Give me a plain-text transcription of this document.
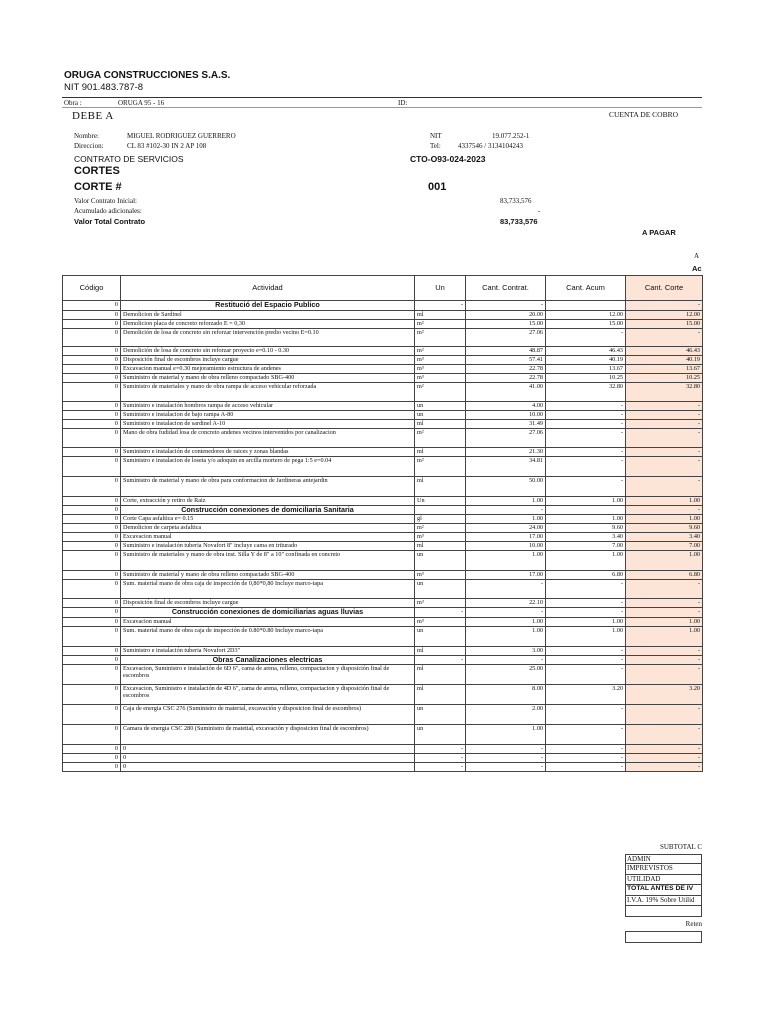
ORUGA CONSTRUCCIONES S.A.S.
NIT 901.483.787-8
Obra :	ORUGA 95 - 16	ID:
DEBE A	CUENTA DE COBRO
Nombre:	MIGUEL RODRIGUEZ GUERRERO
Direccion:	CL 83 #102-30 IN 2 AP 108
NIT	19.077.252-1
Tel: 4337546 / 3134104243
CONTRATO DE SERVICIOS	CTO-O93-024-2023
CORTES
CORTE #	001
Valor Contrato Inicial:	83,733,576
Acumulado adicionales:	-
Valor Total Contrato	83,733,576
A PAGAR
A
Ac
Código	Actividad	Un	Cant. Contrat.	Cant. Acum	Cant. Corte
0	Restitució del Espacio Publico	-	-		-
0	Demolicion de Sardinel	ml	20.00	12.00	12.00
0	Demolicion placa de concreto reforzado E = 0,30	m²	15.00	15.00	15.00
0	Demolición de losa de concreto sin reforzar intervención predio vecino E=0.10	m²	27.06	-	-
0	Demolición de losa de concreto sin reforzar proyecto e=0.10 - 0.30	m²	48.87	46.43	46.43
0	Disposición final de escombros incluye cargue	m³	57.41	40.19	40.19
0	Excavacion manual e=0.30 mejoramiento estructura de andenes	m³	22.78	13.67	13.67
0	Suministro de material y mano de obra relleno compactado SBG-400	m³	22.78	10.25	10.25
0	Suministro de materiales y mano de obra rampa de acceso vehicular reforzada	m²	41.00	32.80	32.80
0	Suministro e instalación hombros rampa de acceso vehicular	un	4.00	-	-
0	Suministro e instalacion de bajo rampa A-80	un	10.00	-	-
0	Suministro e instalacion de sardinel A-10	ml	31.49	-	-
0	Mano de obra fudidad losa de concreto andenes vecinos intervenidos por canalizacion	m²	27.06	-	-
0	Suministro e instalación de contenedores de raices y zonas blandas	ml	21.30	-	-
0	Suministro e instalacion de loseta y/o adoquin en arcilla mortero de pega 1:5 e=0.04	m²	34.81	-	-
0	Suministro de material y mano de obra para conformacion de Jardineras antejardin	ml	50.00	-	-
0	Corte, extracción y retiro de Raiz	Un	1.00	1.00	1.00
0	Construcción conexiones de domiciliaria Sanitaria		-		-
0	Corte Capa asfaltica e= 0.15	gl	1.00	1.00	1.00
0	Demolicion de carpeta asfaltica	m²	24.00	9.60	9.60
0	Excavacion manual	m³	17.00	3.40	3.40
0	Suministro e instalación tuberia Novafort 8" incluye cama en triturado	ml	10.00	7.00	7.00
0	Suministro de materiales y mano de obra inst. Silla Y de 8" a 10" confinada en concreto	un	1.00	1.00	1.00
0	Suministro de material y mano de obra relleno compactado SBG-400	m³	17.00	6.80	6.80
0	Sum. material mano de obra caja de inspección de 0,80*0,80 Incluye marco-tapa	un	-	-	-
0	Disposición final de escombros incluye cargue	m³	22.10	-	-
0	Construcción conexiones de domiciliarias aguas lluvias	-	-	-	-
0	Excavacion manual	m³	1.00	1.00	1.00
0	Sum. material mano de obra caja de inspección de 0.80*0.80 Incluye marco-tapa	un	1.00	1.00	1.00
0	Suministro e instalación tuberia Novafort 2D3"	ml	3.00	-	-
0	Obras Canalizaciones electricas	-	-	-	-
0	Excavacion, Suministro e instalación de 6D 6", cama de arena, relleno, compactacion y disposición final de escombros	ml	25.00	-	-
0	Excavacion, Suministro e instalación de 4D 6", cama de arena, relleno, compactacion y disposición final de escombros	ml	8.00	3.20	3.20
0	Caja de energia CSC 276 (Suministro de material, excavación y disposicion final de escombros)	un	2.00	-	-
0	Camara de energia CSC 280 (Suministro de matetial, excavación y disposicion final de escombros)	un	1.00	-	-
0	0	-	-	-	-
0	0	-	-	-	-
0	0	-	-	-	-
SUBTOTAL C
ADMIN
IMPREVISTOS
UTILIDAD
TOTAL ANTES DE IV
I.V.A. 19% Sobre Utilid
Reten
